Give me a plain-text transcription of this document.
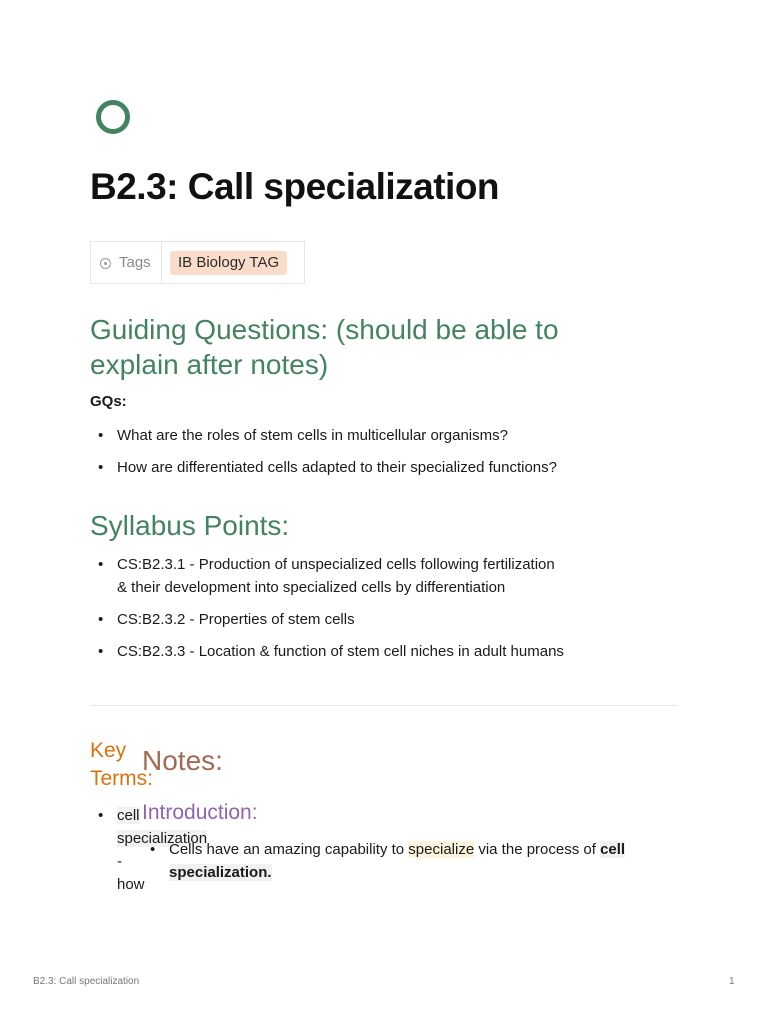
B2.3: Call specialization
Tags	IB Biology TAG
Guiding Questions: (should be able to
explain after notes)

GQs:

• What are the roles of stem cells in multicellular organisms?
• How are differentiated cells adapted to their specialized functions?
Syllabus Points:
• CS:B2.3.1 - Production of unspecialized cells following fertilization
& their development into specialized cells by differentiation
• CS:B2.3.2 - Properties of stem cells
• CS:B2.3.3 - Location & function of stem cell niches in adult humans
Key
Terms:
Notes:
• cell
specialization
-
how
Introduction:
• Cells have an amazing capability to specialize via the process of cell
specialization.
B2.3: Call specialization	1
